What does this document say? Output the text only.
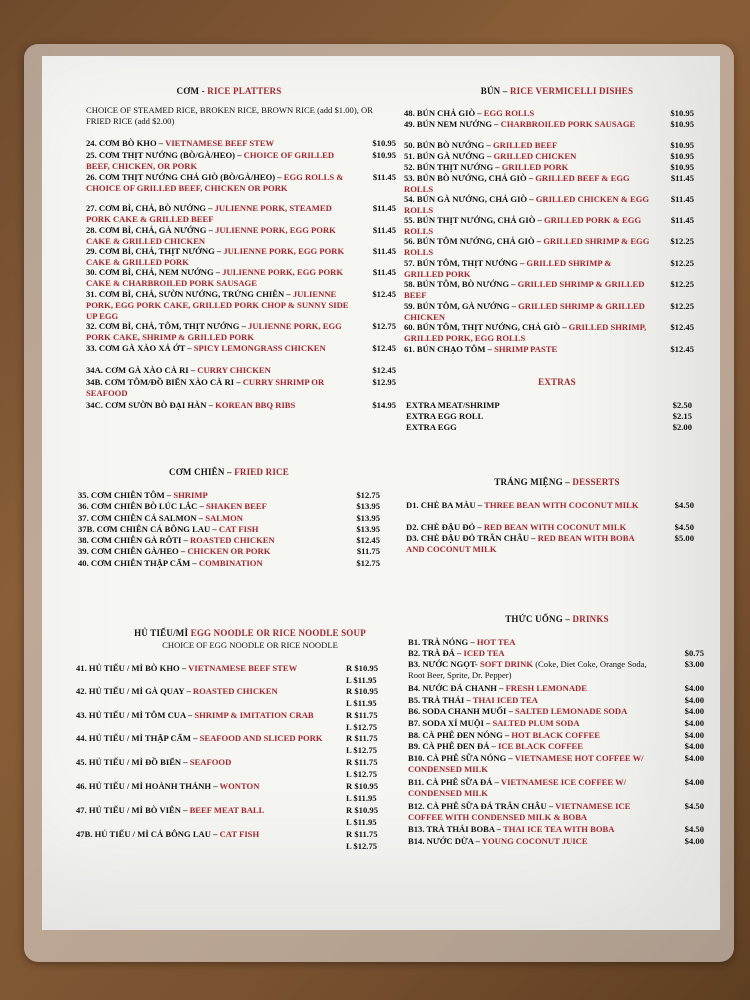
CƠM - RICE PLATTERS
CHOICE OF STEAMED RICE, BROKEN RICE, BROWN RICE (add $1.00), OR FRIED RICE (add $2.00)
24. CƠM BÒ KHO – VIETNAMESE BEEF STEW	$10.95
25. CƠM THỊT NƯỚNG (BÒ/GÀ/HEO) – CHOICE OF GRILLED BEEF, CHICKEN, OR PORK
$10.95
26. CƠM THỊT NƯỚNG CHẢ GIÒ (BÒ/GÀ/HEO) – EGG ROLLS & CHOICE OF GRILLED BEEF, CHICKEN OR PORK
$11.45
27. CƠM BÌ, CHẢ, BÒ NƯỚNG – JULIENNE PORK, STEAMED PORK CAKE & GRILLED BEEF
$11.45
28. CƠM BÌ, CHẢ, GÀ NƯỚNG – JULIENNE PORK, EGG PORK CAKE & GRILLED CHICKEN
$11.45
29. CƠM BÌ, CHẢ, THỊT NƯỚNG – JULIENNE PORK, EGG PORK CAKE & GRILLED PORK
$11.45
30. CƠM BÌ, CHẢ, NEM NƯỚNG – JULIENNE PORK, EGG PORK CAKE & CHARBROILED PORK SAUSAGE
$11.45
31. CƠM BÌ, CHẢ, SƯỜN NƯỚNG, TRỨNG CHIÊN – JULIENNE PORK, EGG PORK CAKE, GRILLED PORK CHOP & SUNNY SIDE UP EGG
$12.45
32. CƠM BÌ, CHẢ, TÔM, THỊT NƯỚNG – JULIENNE PORK, EGG PORK CAKE, SHRIMP & GRILLED PORK
$12.75
33. CƠM GÀ XÀO XẢ ỚT – SPICY LEMONGRASS CHICKEN	$12.45
34A. CƠM GÀ XÀO CÀ RI – CURRY CHICKEN	$12.45
34B. CƠM TÔM/ĐỒ BIỂN XÀO CÀ RI – CURRY SHRIMP OR SEAFOOD
$12.95
34C. CƠM SƯỜN BÒ ĐẠI HÀN – KOREAN BBQ RIBS	$14.95
CƠM CHIÊN – FRIED RICE
35. CƠM CHIÊN TÔM – SHRIMP	$12.75
36. CƠM CHIÊN BÒ LÚC LẮC – SHAKEN BEEF	$13.95
37. CƠM CHIÊN CÁ SALMON – SALMON	$13.95
37B. CƠM CHIÊN CÁ BÔNG LAU – CAT FISH	$13.95
38. CƠM CHIÊN GÀ RÔTI – ROASTED CHICKEN	$12.45
39. CƠM CHIÊN GÀ/HEO – CHICKEN OR PORK	$11.75
40. CƠM CHIÊN THẬP CẨM – COMBINATION	$12.75
HỦ TIẾU/MÌ EGG NOODLE OR RICE NOODLE SOUP
CHOICE OF EGG NOODLE OR RICE NOODLE
41. HỦ TIẾU / MÌ BÒ KHO – VIETNAMESE BEEF STEW	R $10.95
L $11.95
42. HỦ TIẾU / MÌ GÀ QUAY – ROASTED CHICKEN	R $10.95
L $11.95
43. HỦ TIẾU / MÌ TÔM CUA – SHRIMP & IMITATION CRAB	R $11.75
L $12.75
44. HỦ TIẾU / MÌ THẬP CẨM – SEAFOOD AND SLICED PORK	R $11.75
L $12.75
45. HỦ TIẾU / MÌ ĐỒ BIỂN – SEAFOOD	R $11.75
L $12.75
46. HỦ TIẾU / MÌ HOÀNH THÁNH – WONTON	R $10.95
L $11.95
47. HỦ TIẾU / MÌ BÒ VIÊN – BEEF MEAT BALL	R $10.95
L $11.95
47B. HỦ TIẾU / MÌ CÁ BÔNG LAU – CAT FISH	R $11.75
L $12.75
BÚN – RICE VERMICELLI DISHES
48. BÚN CHẢ GIÒ – EGG ROLLS	$10.95
49. BÚN NEM NƯỚNG – CHARBROILED PORK SAUSAGE	$10.95
50. BÚN BÒ NƯỚNG – GRILLED BEEF	$10.95
51. BÚN GÀ NƯỚNG – GRILLED CHICKEN	$10.95
52. BÚN THỊT NƯỚNG – GRILLED PORK	$10.95
53. BÚN BÒ NƯỚNG, CHẢ GIÒ – GRILLED BEEF & EGG ROLLS
$11.45
54. BÚN GÀ NƯỚNG, CHẢ GIÒ – GRILLED CHICKEN & EGG ROLLS
$11.45
55. BÚN THỊT NƯỚNG, CHẢ GIÒ – GRILLED PORK & EGG ROLLS
$11.45
56. BÚN TÔM NƯỚNG, CHẢ GIÒ – GRILLED SHRIMP & EGG ROLLS
$12.25
57. BÚN TÔM, THỊT NƯỚNG – GRILLED SHRIMP & GRILLED PORK
$12.25
58. BÚN TÔM, BÒ NƯỚNG – GRILLED SHRIMP & GRILLED BEEF
$12.25
59. BÚN TÔM, GÀ NƯỚNG – GRILLED SHRIMP & GRILLED CHICKEN
$12.25
60. BÚN TÔM, THỊT NƯỚNG, CHẢ GIÒ – GRILLED SHRIMP, GRILLED PORK, EGG ROLLS
$12.45
61. BÚN CHẠO TÔM – SHRIMP PASTE	$12.45
EXTRAS
EXTRA MEAT/SHRIMP	$2.50
EXTRA EGG ROLL	$2.15
EXTRA EGG	$2.00
TRÁNG MIỆNG – DESSERTS
D1. CHÈ BA MÀU – THREE BEAN WITH COCONUT MILK	$4.50
D2. CHÈ ĐẬU ĐỎ – RED BEAN WITH COCONUT MILK	$4.50
D3. CHÈ ĐẬU ĐỎ TRÂN CHÂU – RED BEAN WITH BOBA AND COCONUT MILK
$5.00
THỨC UỐNG – DRINKS
B1. TRÀ NÓNG – HOT TEA
B2. TRÀ ĐÁ – ICED TEA	$0.75
B3. NƯỚC NGỌT- SOFT DRINK (Coke, Diet Coke, Orange Soda, Root Beer, Sprite, Dr. Pepper)
$3.00
B4. NƯỚC ĐÁ CHANH – FRESH LEMONADE	$4.00
B5. TRÀ THÁI – THAI ICED TEA	$4.00
B6. SODA CHANH MUỐI – SALTED LEMONADE SODA	$4.00
B7. SODA XÍ MUỘI – SALTED PLUM SODA	$4.00
B8. CÀ PHÊ ĐEN NÓNG – HOT BLACK COFFEE	$4.00
B9. CÀ PHÊ ĐEN ĐÁ – ICE BLACK COFFEE	$4.00
B10. CÀ PHÊ SỮA NÓNG – VIETNAMESE HOT COFFEE W/ CONDENSED MILK
$4.00
B11. CÀ PHÊ SỮA ĐÁ – VIETNAMESE ICE COFFEE W/ CONDENSED MILK
$4.00
B12. CÀ PHÊ SỮA ĐÁ TRÂN CHÂU – VIETNAMESE ICE COFFEE WITH CONDENSED MILK & BOBA
$4.50
B13. TRÀ THÁI BOBA – THAI ICE TEA WITH BOBA	$4.50
B14. NƯỚC DỪA – YOUNG COCONUT JUICE	$4.00
